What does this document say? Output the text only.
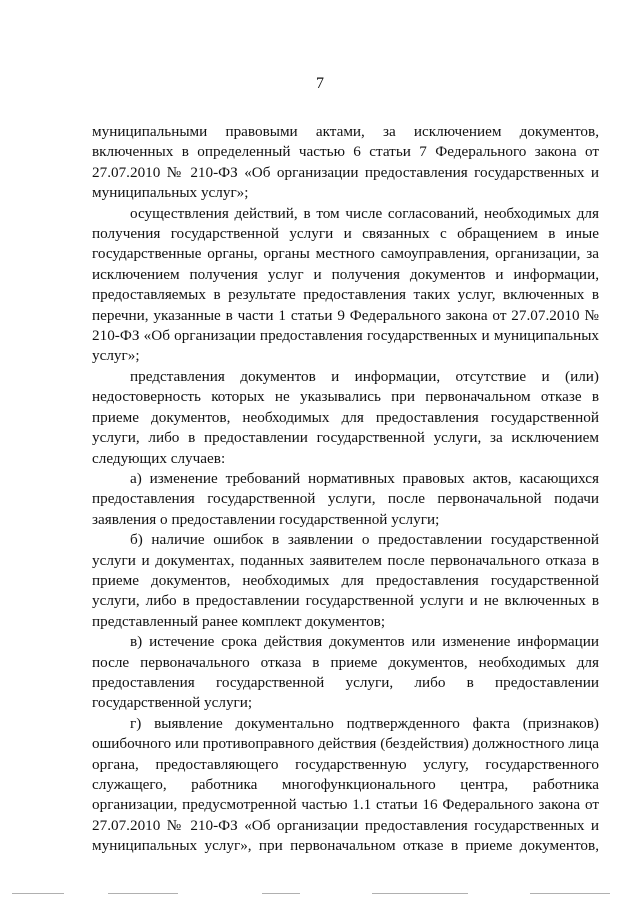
7

муниципальными правовыми актами, за исключением документов, включенных в определенный частью 6 статьи 7 Федерального закона от 27.07.2010 № 210-ФЗ «Об организации предоставления государственных и муниципальных услуг»;

осуществления действий, в том числе согласований, необходимых для получения государственной услуги и связанных с обращением в иные государственные органы, органы местного самоуправления, организации, за исключением получения услуг и получения документов и информации, предоставляемых в результате предоставления таких услуг, включенных в перечни, указанные в части 1 статьи 9 Федерального закона от 27.07.2010 № 210-ФЗ «Об организации предоставления государственных и муниципальных услуг»;

представления документов и информации, отсутствие и (или) недостоверность которых не указывались при первоначальном отказе в приеме документов, необходимых для предоставления государственной услуги, либо в предоставлении государственной услуги, за исключением следующих случаев:

а) изменение требований нормативных правовых актов, касающихся предоставления государственной услуги, после первоначальной подачи заявления о предоставлении государственной услуги;

б) наличие ошибок в заявлении о предоставлении государственной услуги и документах, поданных заявителем после первоначального отказа в приеме документов, необходимых для предоставления государственной услуги, либо в предоставлении государственной услуги и не включенных в представленный ранее комплект документов;

в) истечение срока действия документов или изменение информации после первоначального отказа в приеме документов, необходимых для предоставления государственной услуги, либо в предоставлении государственной услуги;

г) выявление документально подтвержденного факта (признаков) ошибочного или противоправного действия (бездействия) должностного лица органа, предоставляющего государственную услугу, государственного служащего, работника многофункционального центра, работника организации, предусмотренной частью 1.1 статьи 16 Федерального закона от 27.07.2010 № 210-ФЗ «Об организации предоставления государственных и муниципальных услуг», при первоначальном отказе в приеме документов,
